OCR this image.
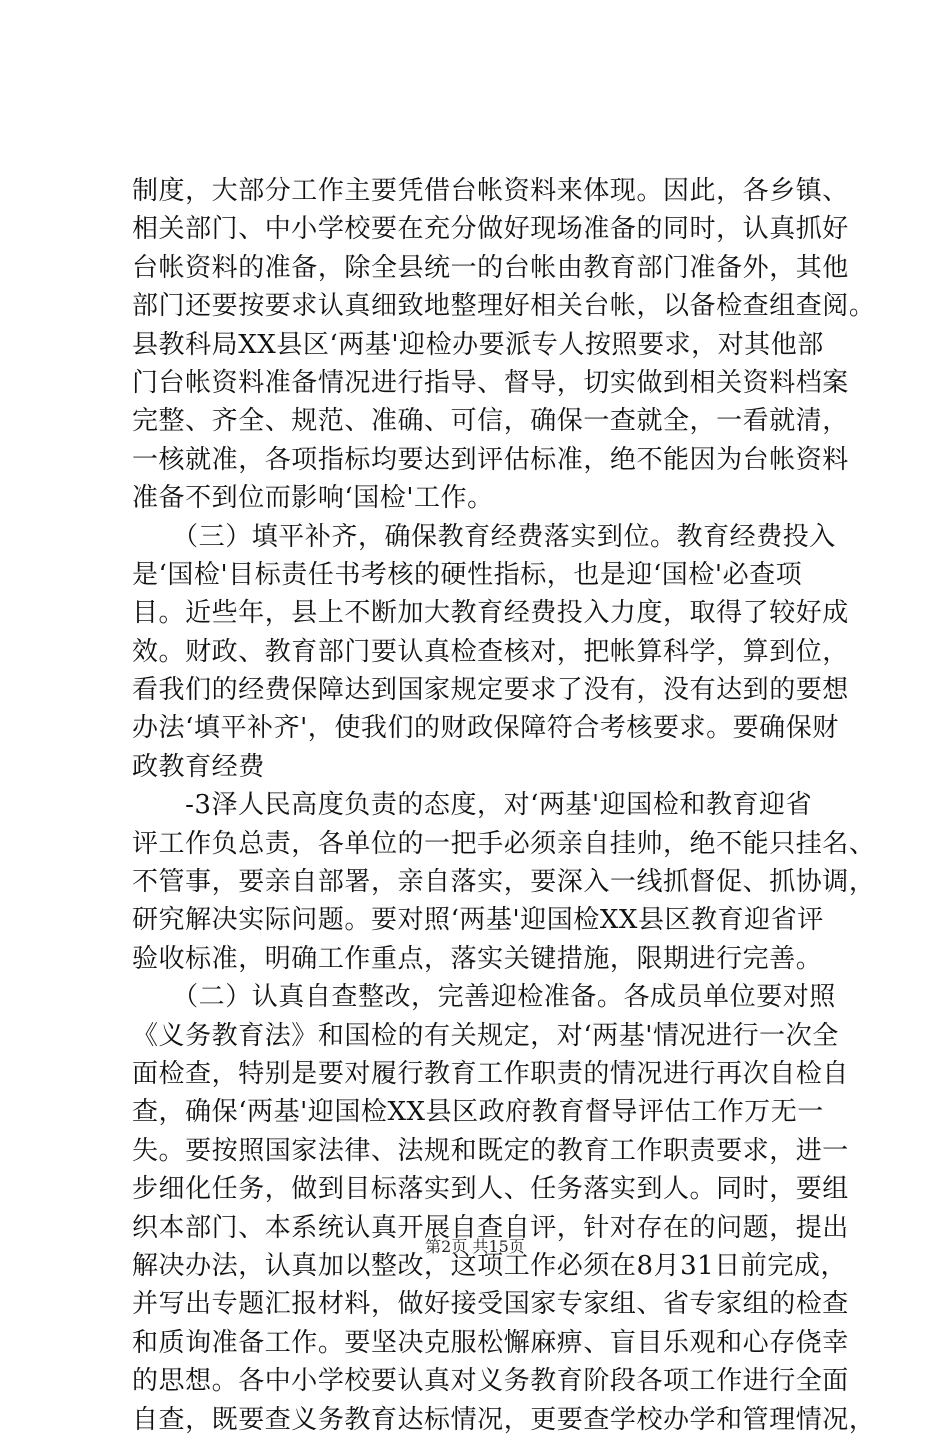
制度，大部分工作主要凭借台帐资料来体现。因此，各乡镇、
相关部门、中小学校要在充分做好现场准备的同时，认真抓好
台帐资料的准备，除全县统一的台帐由教育部门准备外，其他
部门还要按要求认真细致地整理好相关台帐，以备检查组查阅。
县教科局XX县区‘两基'迎检办要派专人按照要求，对其他部
门台帐资料准备情况进行指导、督导，切实做到相关资料档案
完整、齐全、规范、准确、可信，确保一查就全，一看就清，
一核就准，各项指标均要达到评估标准，绝不能因为台帐资料
准备不到位而影响‘国检'工作。
　　（三）填平补齐，确保教育经费落实到位。教育经费投入
是‘国检'目标责任书考核的硬性指标，也是迎‘国检'必查项
目。近些年，县上不断加大教育经费投入力度，取得了较好成
效。财政、教育部门要认真检查核对，把帐算科学，算到位，
看我们的经费保障达到国家规定要求了没有，没有达到的要想
办法‘填平补齐'，使我们的财政保障符合考核要求。要确保财
政教育经费
　　-3泽人民高度负责的态度，对‘两基'迎国检和教育迎省
评工作负总责，各单位的一把手必须亲自挂帅，绝不能只挂名、
不管事，要亲自部署，亲自落实，要深入一线抓督促、抓协调，
研究解决实际问题。要对照‘两基'迎国检XX县区教育迎省评
验收标准，明确工作重点，落实关键措施，限期进行完善。
　　（二）认真自查整改，完善迎检准备。各成员单位要对照
《义务教育法》和国检的有关规定，对‘两基'情况进行一次全
面检查，特别是要对履行教育工作职责的情况进行再次自检自
查，确保‘两基'迎国检XX县区政府教育督导评估工作万无一
失。要按照国家法律、法规和既定的教育工作职责要求，进一
步细化任务，做到目标落实到人、任务落实到人。同时，要组
织本部门、本系统认真开展自查自评，针对存在的问题，提出
解决办法，认真加以整改，这项工作必须在8月31日前完成，
并写出专题汇报材料，做好接受国家专家组、省专家组的检查
和质询准备工作。要坚决克服松懈麻痹、盲目乐观和心存侥幸
的思想。各中小学校要认真对义务教育阶段各项工作进行全面
自查，既要查义务教育达标情况，更要查学校办学和管理情况，
第2页 共15页
